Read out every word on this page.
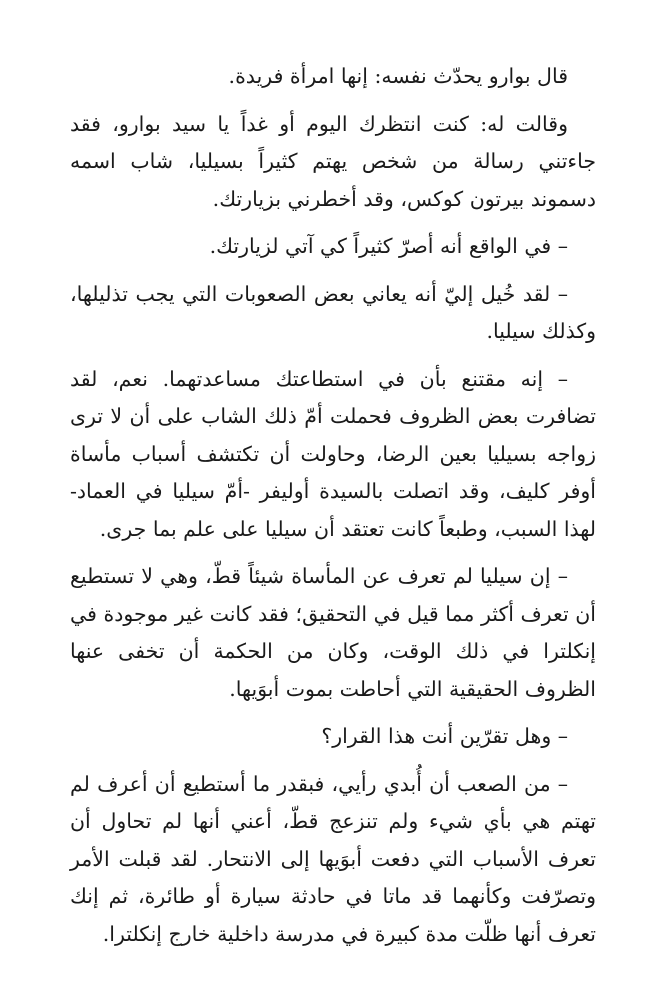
قال بوارو يحدّث نفسه: إنها امرأة فريدة.

وقالت له: كنت انتظرك اليوم أو غداً يا سيد بوارو، فقد جاءتني رسالة من شخص يهتم كثيراً بسيليا، شاب اسمه دسموند بيرتون كوكس، وقد أخطرني بزيارتك.

– في الواقع أنه أصرّ كثيراً كي آتي لزيارتك.

– لقد خُيل إليّ أنه يعاني بعض الصعوبات التي يجب تذليلها، وكذلك سيليا.

– إنه مقتنع بأن في استطاعتك مساعدتهما. نعم، لقد تضافرت بعض الظروف فحملت أمّ ذلك الشاب على أن لا ترى زواجه بسيليا بعين الرضا، وحاولت أن تكتشف أسباب مأساة أوفر كليف، وقد اتصلت بالسيدة أوليفر -أمّ سيليا في العماد- لهذا السبب، وطبعاً كانت تعتقد أن سيليا على علم بما جرى.

– إن سيليا لم تعرف عن المأساة شيئاً قطّ، وهي لا تستطيع أن تعرف أكثر مما قيل في التحقيق؛ فقد كانت غير موجودة في إنكلترا في ذلك الوقت، وكان من الحكمة أن تخفى عنها الظروف الحقيقية التي أحاطت بموت أبوَيها.

– وهل تقرّين أنت هذا القرار؟

– من الصعب أن أُبدي رأيي، فبقدر ما أستطيع أن أعرف لم تهتم هي بأي شيء ولم تنزعج قطّ، أعني أنها لم تحاول أن تعرف الأسباب التي دفعت أبوَيها إلى الانتحار. لقد قبلت الأمر وتصرّفت وكأنهما قد ماتا في حادثة سيارة أو طائرة، ثم إنك تعرف أنها ظلّت مدة كبيرة في مدرسة داخلية خارج إنكلترا.
